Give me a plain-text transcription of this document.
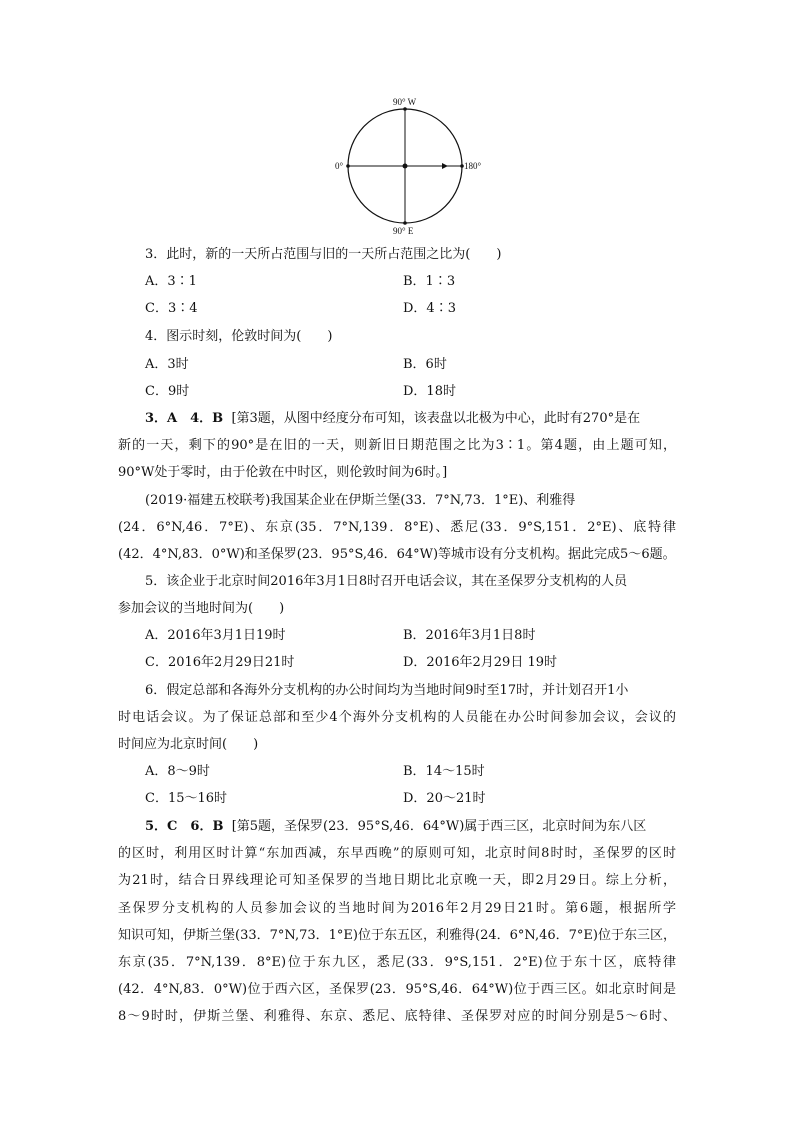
90° W
0°	180°
90° E
3．此时，新的一天所占范围与旧的一天所占范围之比为(　　)
A．3∶1	B．1∶3
C．3∶4	D．4∶3
4．图示时刻，伦敦时间为(　　)
A．3时	B．6时
C．9时	D．18时
3．A　4．B [第3题，从图中经度分布可知，该表盘以北极为中心，此时有270°是在
新的一天，剩下的90°是在旧的一天，则新旧日期范围之比为3∶1。第4题，由上题可知，
90°W处于零时，由于伦敦在中时区，则伦敦时间为6时。]
(2019·福建五校联考)我国某企业在伊斯兰堡(33．7°N,73．1°E)、利雅得
(24．6°N,46．7°E)、东京(35．7°N,139．8°E)、悉尼(33．9°S,151．2°E)、底特律
(42．4°N,83．0°W)和圣保罗(23．95°S,46．64°W)等城市设有分支机构。据此完成5～6题。
5．该企业于北京时间2016年3月1日8时召开电话会议，其在圣保罗分支机构的人员
参加会议的当地时间为(　　)
A．2016年3月1日19时	B．2016年3月1日8时
C．2016年2月29日21时	D．2016年2月29日 19时
6．假定总部和各海外分支机构的办公时间均为当地时间9时至17时，并计划召开1小
时电话会议。为了保证总部和至少4个海外分支机构的人员能在办公时间参加会议，会议的
时间应为北京时间(　　)
A．8～9时	B．14～15时
C．15～16时	D．20～21时
5．C　6．B [第5题，圣保罗(23．95°S,46．64°W)属于西三区，北京时间为东八区
的区时，利用区时计算“东加西减，东早西晚”的原则可知，北京时间8时时，圣保罗的区时
为21时，结合日界线理论可知圣保罗的当地日期比北京晚一天，即2月29日。综上分析，
圣保罗分支机构的人员参加会议的当地时间为2016年2月29日21时。第6题，根据所学
知识可知，伊斯兰堡(33．7°N,73．1°E)位于东五区，利雅得(24．6°N,46．7°E)位于东三区，
东京(35．7°N,139．8°E)位于东九区，悉尼(33．9°S,151．2°E)位于东十区，底特律
(42．4°N,83．0°W)位于西六区，圣保罗(23．95°S,46．64°W)位于西三区。如北京时间是
8～9时时，伊斯兰堡、利雅得、东京、悉尼、底特律、圣保罗对应的时间分别是5～6时、
